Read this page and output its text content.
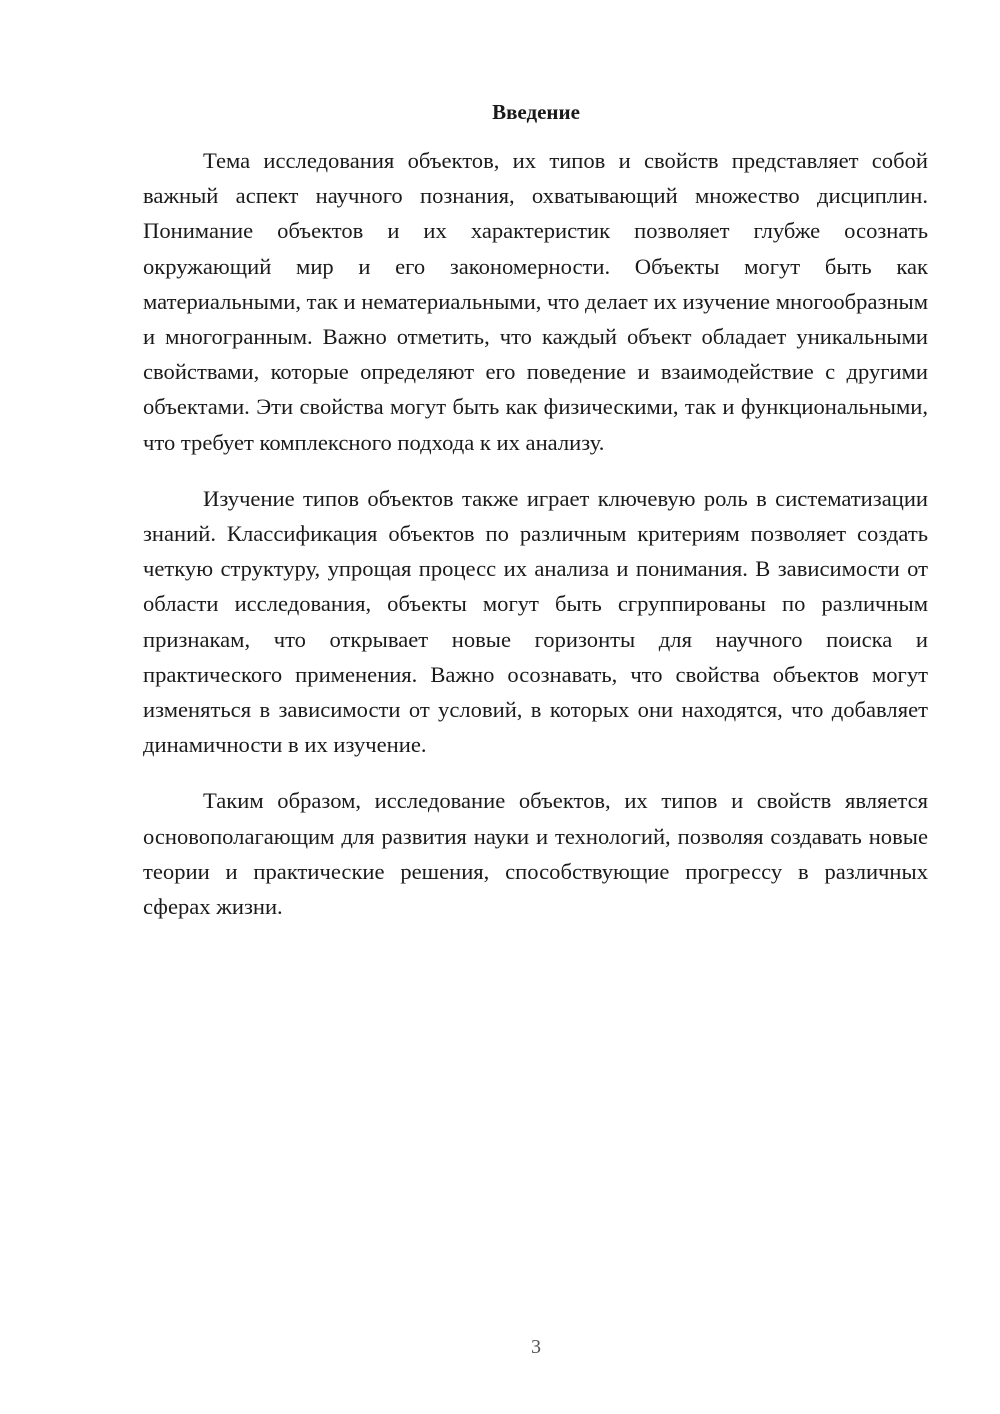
Введение

Тема исследования объектов, их типов и свойств представляет собой важный аспект научного познания, охватывающий множество дисциплин. Понимание объектов и их характеристик позволяет глубже осознать окружающий мир и его закономерности. Объекты могут быть как материальными, так и нематериальными, что делает их изучение многообразным и многогранным. Важно отметить, что каждый объект обладает уникальными свойствами, которые определяют его поведение и взаимодействие с другими объектами. Эти свойства могут быть как физическими, так и функциональными, что требует комплексного подхода к их анализу.

Изучение типов объектов также играет ключевую роль в систематизации знаний. Классификация объектов по различным критериям позволяет создать четкую структуру, упрощая процесс их анализа и понимания. В зависимости от области исследования, объекты могут быть сгруппированы по различным признакам, что открывает новые горизонты для научного поиска и практического применения. Важно осознавать, что свойства объектов могут изменяться в зависимости от условий, в которых они находятся, что добавляет динамичности в их изучение.

Таким образом, исследование объектов, их типов и свойств является основополагающим для развития науки и технологий, позволяя создавать новые теории и практические решения, способствующие прогрессу в различных сферах жизни.

3
